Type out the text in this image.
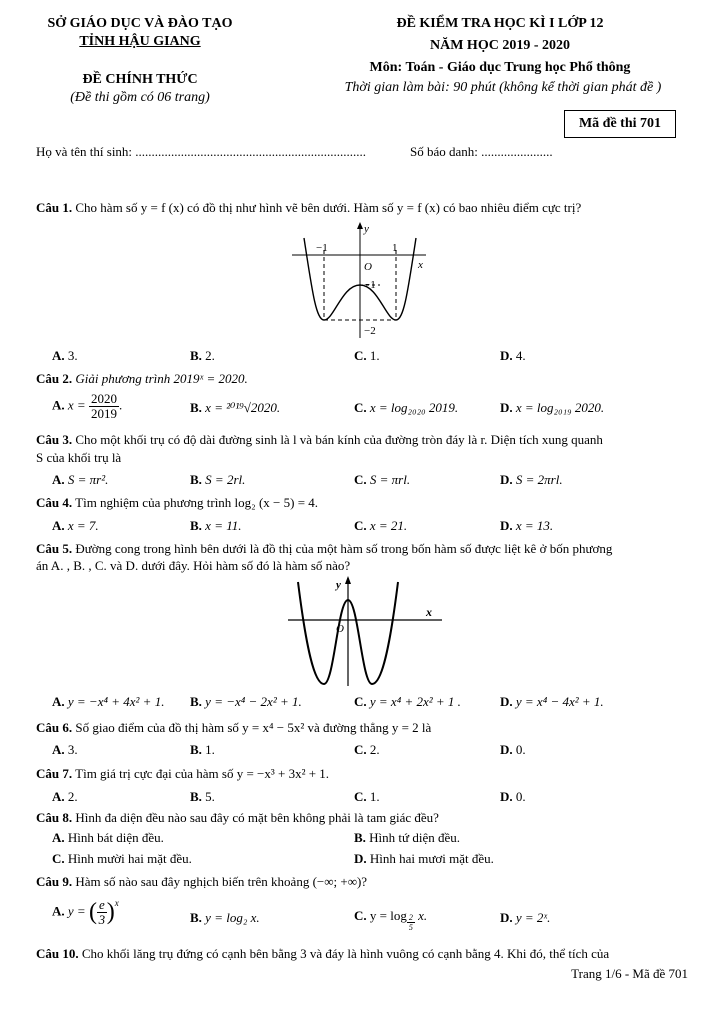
SỞ GIÁO DỤC VÀ ĐÀO TẠO
TỈNH HẬU GIANG
ĐỀ CHÍNH THỨC
(Đề thi gồm có 06 trang)
ĐỀ KIỂM TRA HỌC KÌ I LỚP 12
NĂM HỌC 2019 - 2020
Môn: Toán - Giáo dục Trung học Phổ thông
Thời gian làm bài: 90 phút (không kể thời gian phát đề )
Mã đề thi 701
Họ và tên thí sinh: .......................................................................	Số báo danh: ......................
Câu 1. Cho hàm số y = f (x) có đồ thị như hình vẽ bên dưới. Hàm số y = f (x) có bao nhiêu điểm cực trị?
y
x
O
−1	1
−1
−2
A. 3.	B. 2.	C. 1.	D. 4.
Câu 2. Giải phương trình 2019ˣ = 2020.
A. $x = \frac{2020}{2019}$ .	B. x = ²⁰¹⁹√2020.	C. x = log₂₀₂₀ 2019.	D. x = log₂₀₁₉ 2020.
Câu 3. Cho một khối trụ có độ dài đường sinh là l và bán kính của đường tròn đáy là r. Diện tích xung quanh
S của khối trụ là
A. S = πr².	B. S = 2rl.	C. S = πrl.	D. S = 2πrl.
Câu 4. Tìm nghiệm của phương trình log₂ (x − 5) = 4.
A. x = 7.	B. x = 11.	C. x = 21.	D. x = 13.
Câu 5. Đường cong trong hình bên dưới là đồ thị của một hàm số trong bốn hàm số được liệt kê ở bốn phương
án A. , B. , C. và D. dưới đây. Hỏi hàm số đó là hàm số nào?
y
x
O
A. y = −x⁴ + 4x² + 1. B. y = −x⁴ − 2x² + 1.	C. y = x⁴ + 2x² + 1 .	D. y = x⁴ − 4x² + 1.
Câu 6. Số giao điểm của đồ thị hàm số y = x⁴ − 5x² và đường thẳng y = 2 là
A. 3.	B. 1.	C. 2.	D. 0.
Câu 7. Tìm giá trị cực đại của hàm số y = −x³ + 3x² + 1.
A. 2.	B. 5.	C. 1.	D. 0.
Câu 8. Hình đa diện đều nào sau đây có mặt bên không phải là tam giác đều?
A. Hình bát diện đều.	B. Hình tứ diện đều.
C. Hình mười hai mặt đều.	D. Hình hai mươi mặt đều.
Câu 9. Hàm số nào sau đây nghịch biến trên khoảng (−∞; +∞)?
A. y = ( $\frac{e}{3} )^x$
B. y = log₂ x.	C. $y = \log \frac{2}{5} x$.	D. y = 2ˣ.
Câu 10. Cho khối lăng trụ đứng có cạnh bên bằng 3 và đáy là hình vuông có cạnh bằng 4. Khi đó, thể tích của
Trang 1/6 - Mã đề 701
